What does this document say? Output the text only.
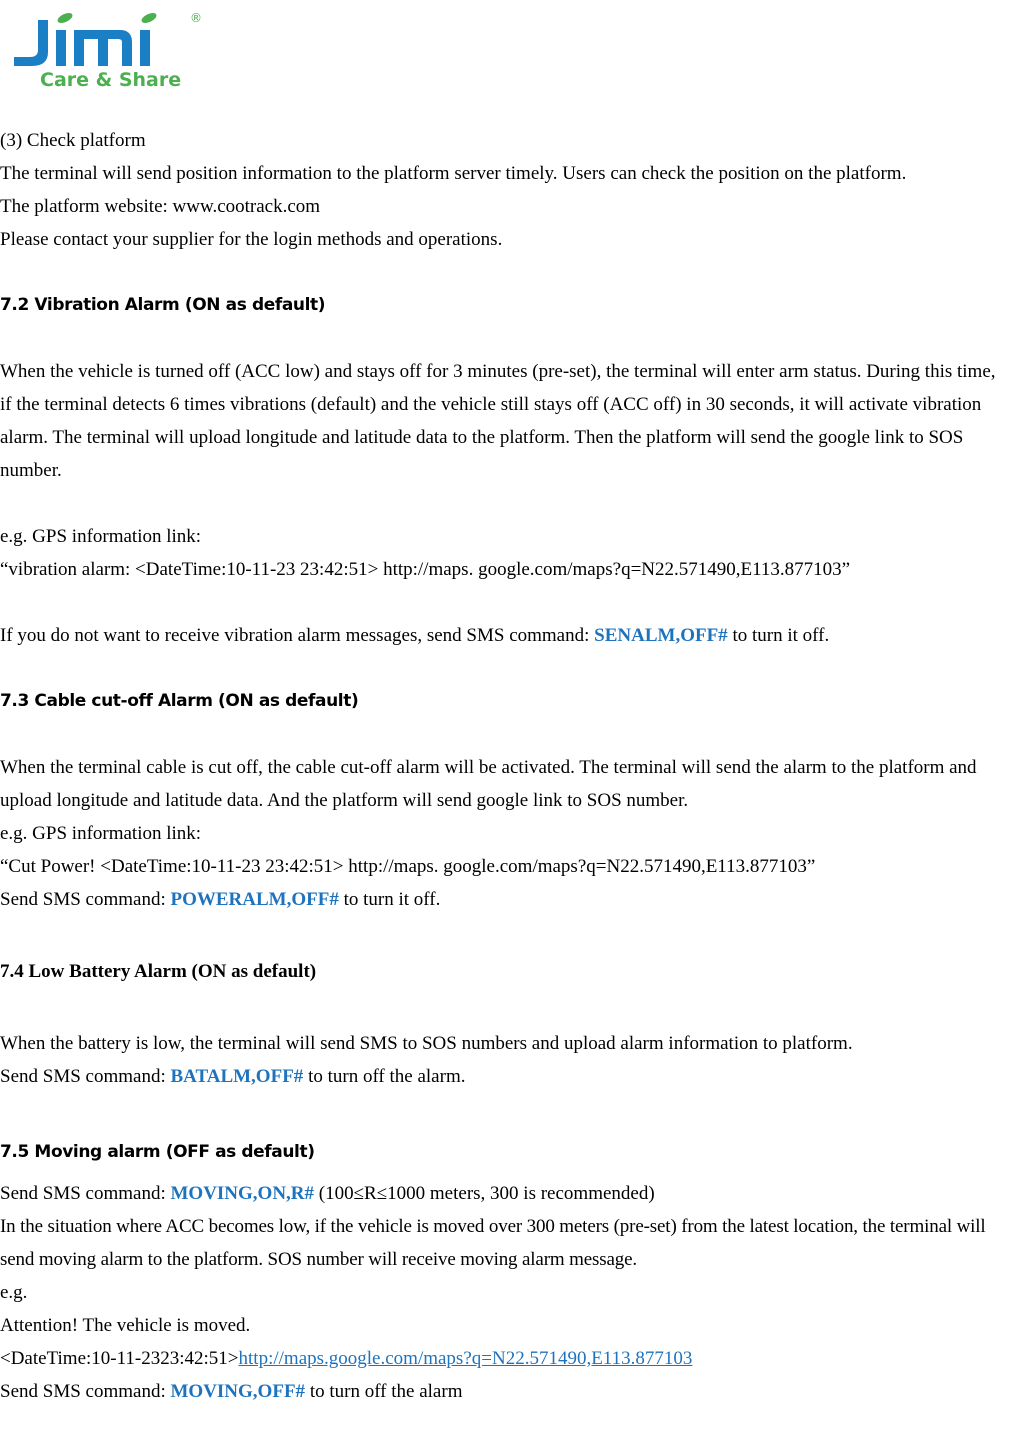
®
Care & Share

(3) Check platform

The terminal will send position information to the platform server timely. Users can check the position on the platform.

The platform website: www.cootrack.com

Please contact your supplier for the login methods and operations.

7.2 Vibration Alarm (ON as default)

When the vehicle is turned off (ACC low) and stays off for 3 minutes (pre-set), the terminal will enter arm status. During this time, if the terminal detects 6 times vibrations (default) and the vehicle still stays off (ACC off) in 30 seconds, it will activate vibration alarm. The terminal will upload longitude and latitude data to the platform. Then the platform will send the google link to SOS number.

e.g. GPS information link:

“vibration alarm: <DateTime:10-11-23 23:42:51> http://maps. google.com/maps?q=N22.571490,E113.877103”

If you do not want to receive vibration alarm messages, send SMS command: SENALM,OFF# to turn it off.

7.3 Cable cut-off Alarm (ON as default)

When the terminal cable is cut off, the cable cut-off alarm will be activated. The terminal will send the alarm to the platform and upload longitude and latitude data. And the platform will send google link to SOS number.

e.g. GPS information link:

“Cut Power! <DateTime:10-11-23 23:42:51> http://maps. google.com/maps?q=N22.571490,E113.877103”

Send SMS command: POWERALM,OFF# to turn it off.

7.4 Low Battery Alarm (ON as default)

When the battery is low, the terminal will send SMS to SOS numbers and upload alarm information to platform.

Send SMS command: BATALM,OFF# to turn off the alarm.

7.5 Moving alarm (OFF as default)

Send SMS command: MOVING,ON,R# (100≤R≤1000 meters, 300 is recommended)

In the situation where ACC becomes low, if the vehicle is moved over 300 meters (pre-set) from the latest location, the terminal will send moving alarm to the platform. SOS number will receive moving alarm message.

e.g.

Attention! The vehicle is moved.

<DateTime:10-11-2323:42:51>http://maps.google.com/maps?q=N22.571490,E113.877103

Send SMS command: MOVING,OFF# to turn off the alarm
